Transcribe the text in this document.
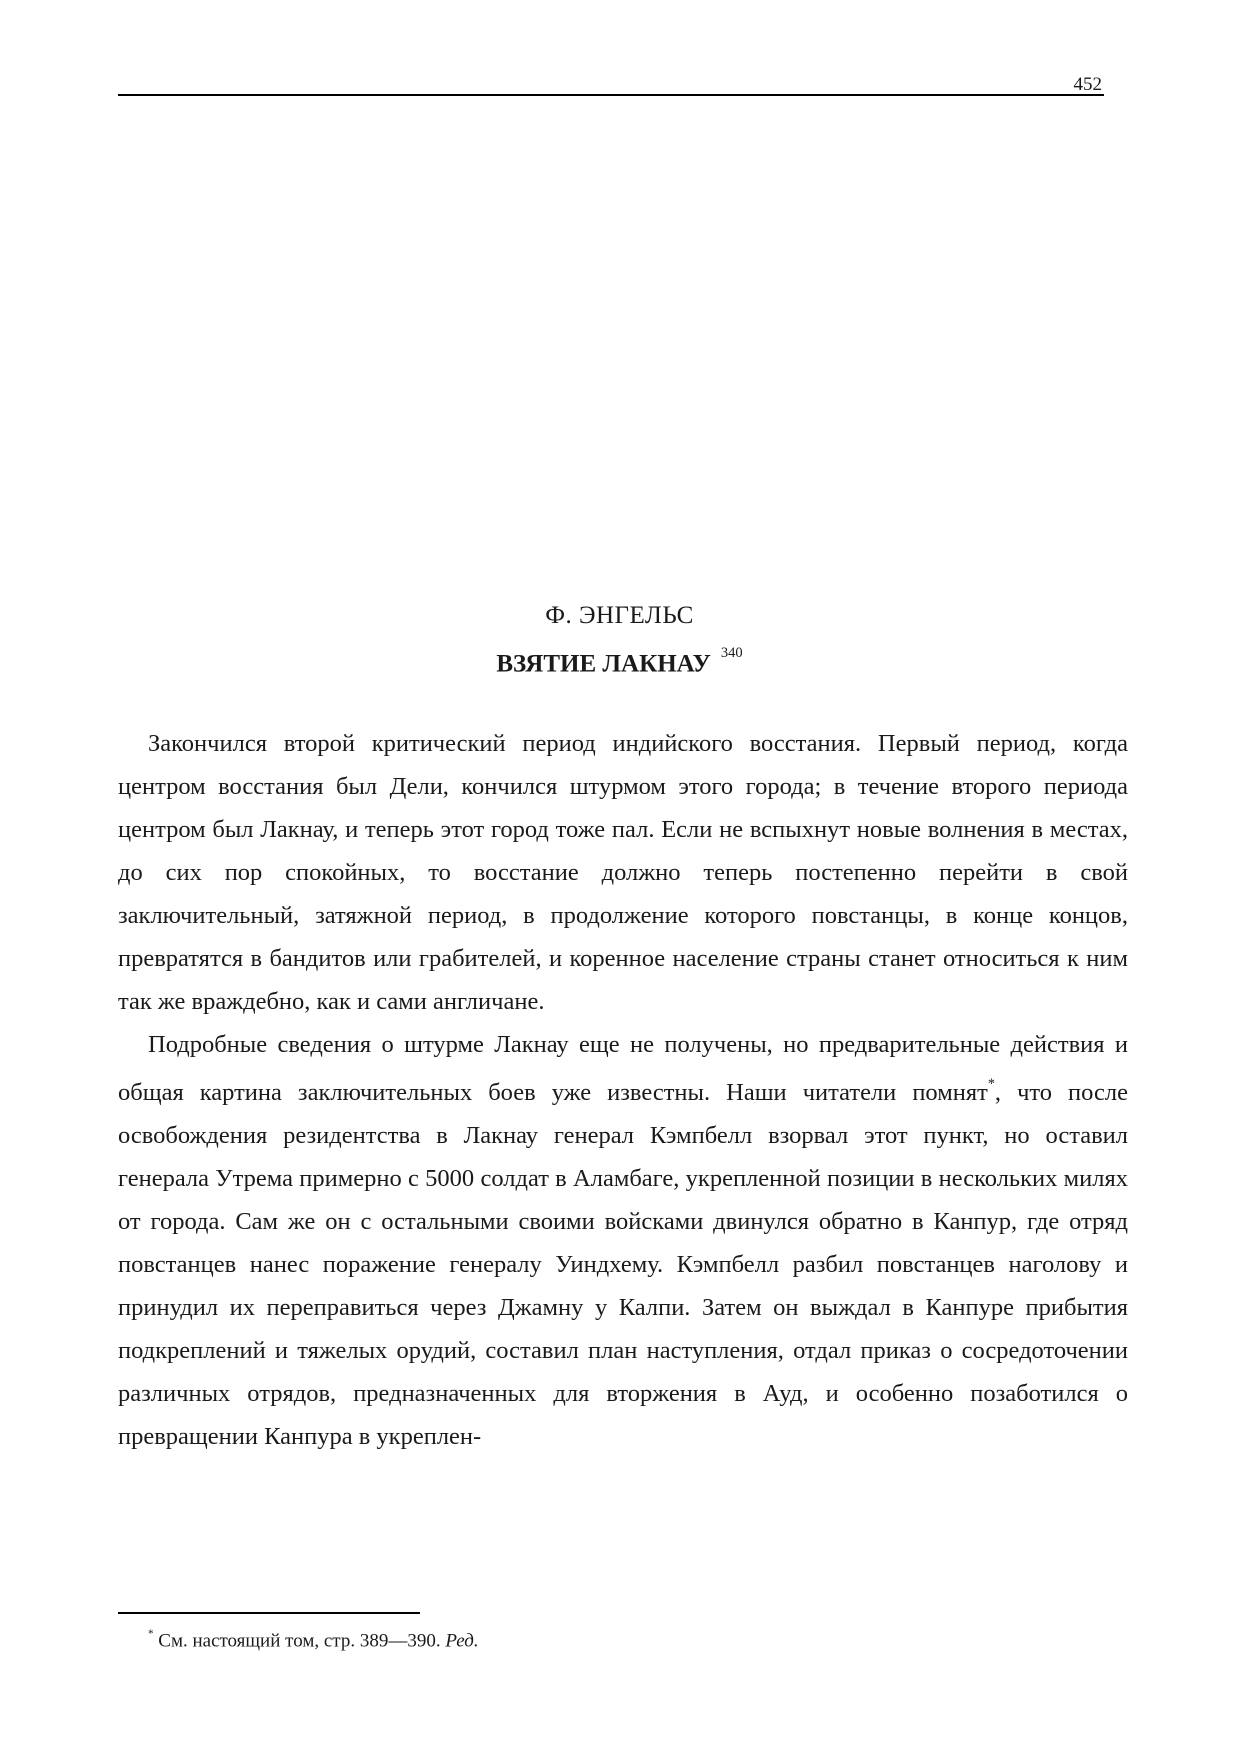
452
Ф. ЭНГЕЛЬС
ВЗЯТИЕ ЛАКНАУ $^{340}$

Закончился второй критический период индийского восстания. Первый период, когда центром восстания был Дели, кончился штурмом этого города; в течение второго периода центром был Лакнау, и теперь этот город тоже пал. Если не вспыхнут новые волнения в местах, до сих пор спокойных, то восстание должно теперь постепенно перейти в свой заключительный, затяжной период, в продолжение которого повстанцы, в конце концов, превратятся в бандитов или грабителей, и коренное население страны станет относиться к ним так же враждебно, как и сами англичане.

Подробные сведения о штурме Лакнау еще не получены, но предварительные действия и общая картина заключительных боев уже известны. Наши читатели помнят*, что после освобождения резидентства в Лакнау генерал Кэмпбелл взорвал этот пункт, но оставил генерала Утрема примерно с 5000 солдат в Аламбаге, укрепленной позиции в нескольких милях от города. Сам же он с остальными своими войсками двинулся обратно в Канпур, где отряд повстанцев нанес поражение генералу Уиндхему. Кэмпбелл разбил повстанцев наголову и принудил их переправиться через Джамну у Калпи. Затем он выждал в Канпуре прибытия подкреплений и тяжелых орудий, составил план наступления, отдал приказ о сосредоточении различных отрядов, предназначенных для вторжения в Ауд, и особенно позаботился о превращении Канпура в укреплен-

* См. настоящий том, стр. 389—390. Ред.
